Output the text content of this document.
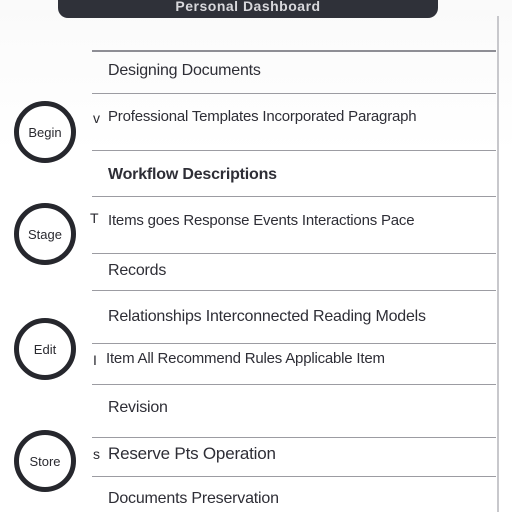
Personal Dashboard
Designing Documents
v Professional Templates Incorporated Paragraph
Workflow Descriptions
T Items goes Response Events Interactions Pace
Records
Relationships Interconnected Reading Models
I Item All Recommend Rules Applicable Item
Revision
s Reserve Pts Operation
Documents Preservation
Begin
Stage
Edit
Store
